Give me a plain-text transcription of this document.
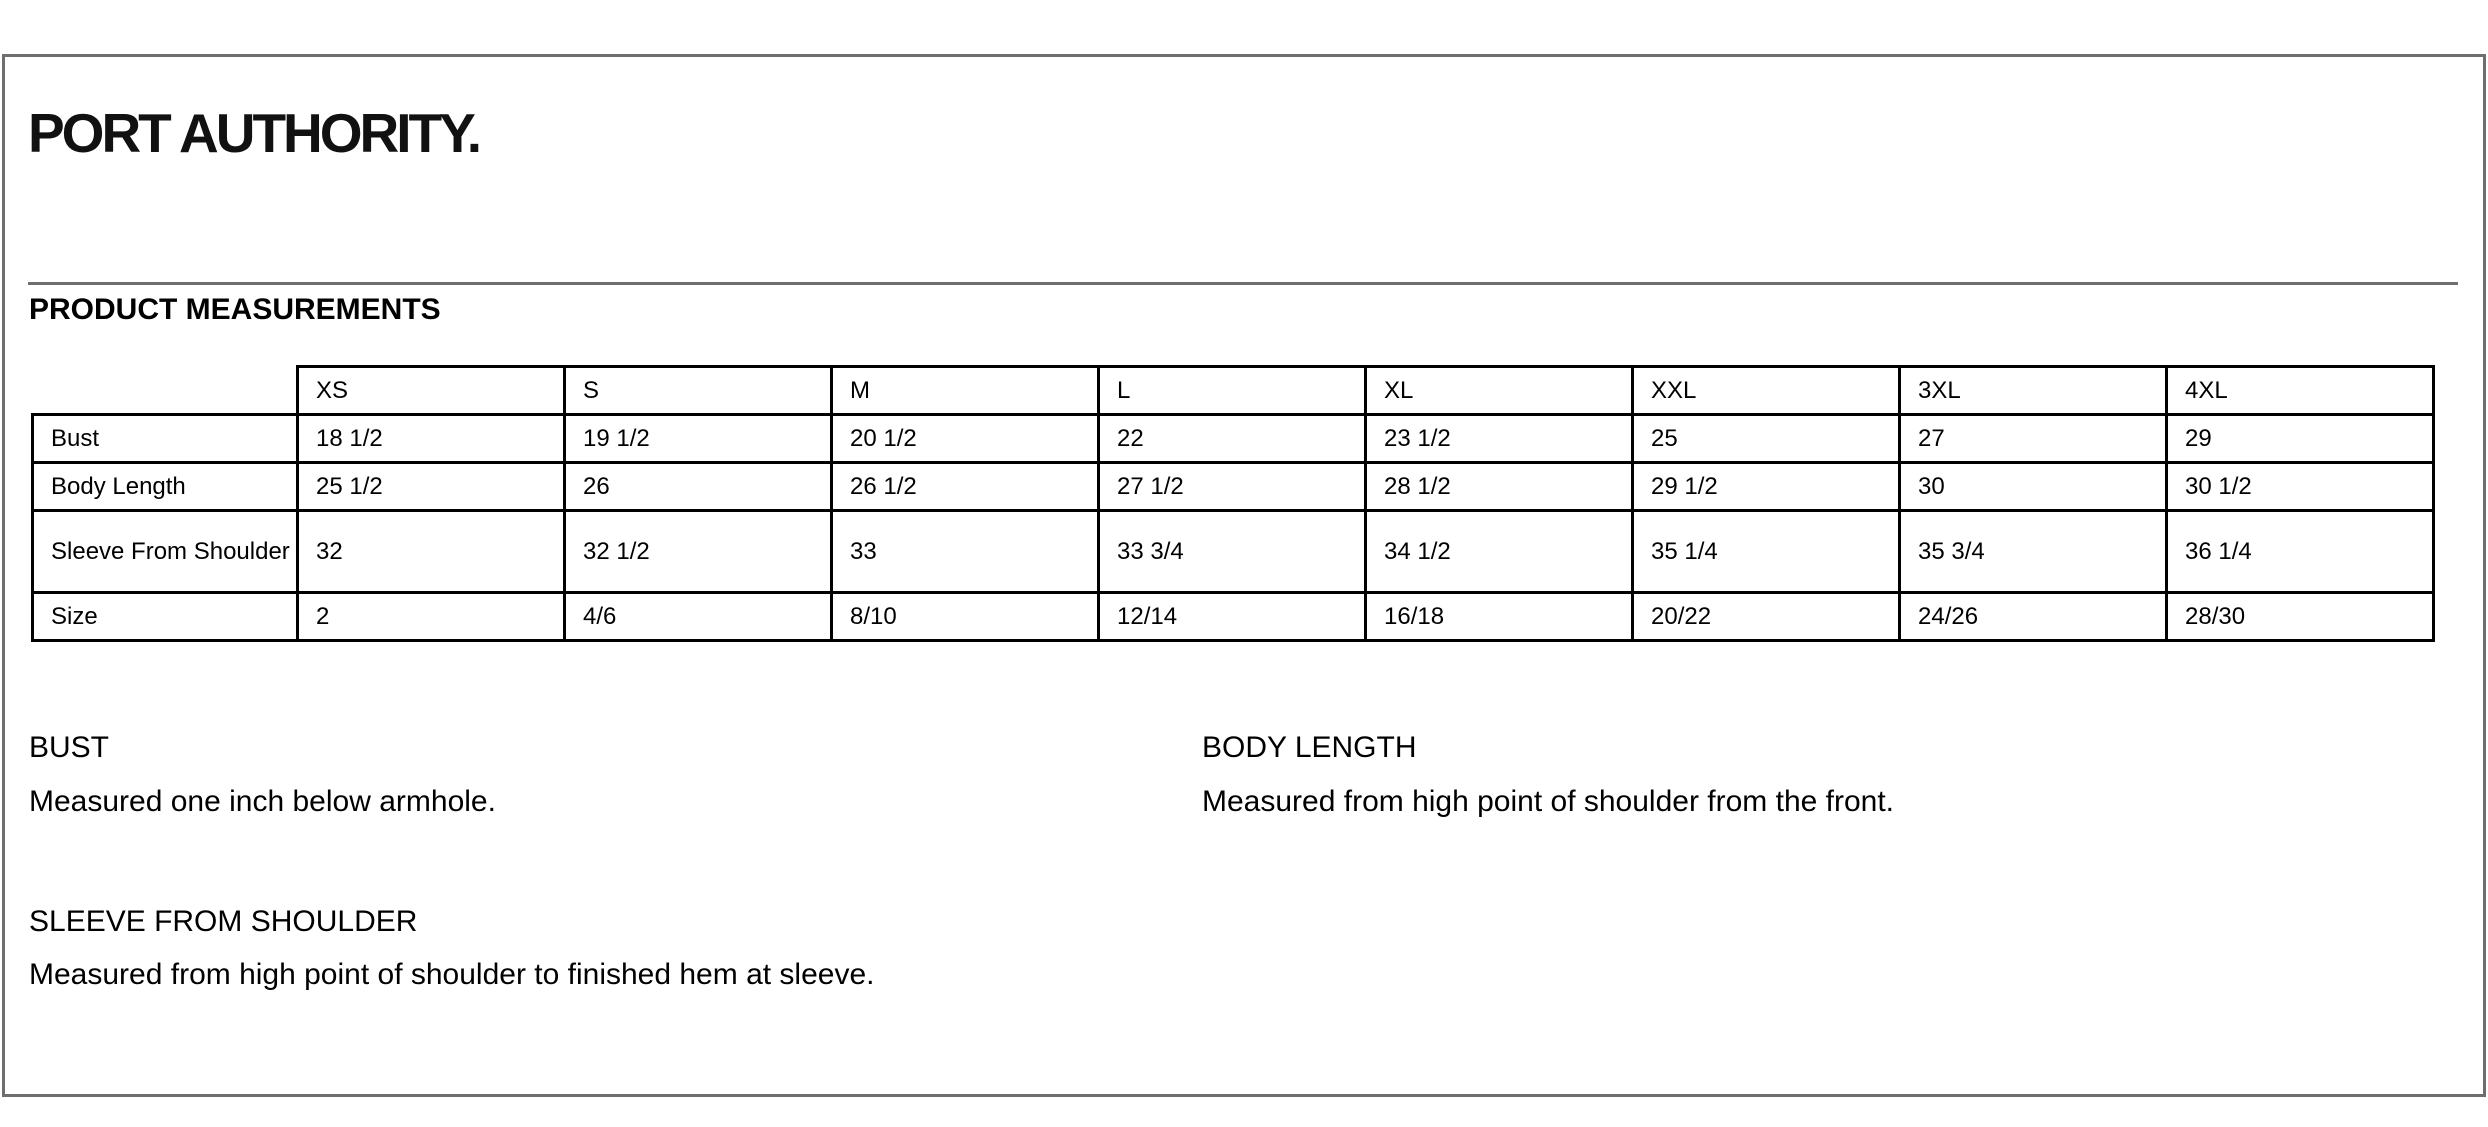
PORT AUTHORITY.
PRODUCT MEASUREMENTS
	XS	S	M	L	XL	XXL	3XL	4XL
Bust	18 1/2	19 1/2	20 1/2	22	23 1/2	25	27	29
Body Length	25 1/2	26	26 1/2	27 1/2	28 1/2	29 1/2	30	30 1/2
Sleeve From Shoulder	32	32 1/2	33	33 3/4	34 1/2	35 1/4	35 3/4	36 1/4
Size	2	4/6	8/10	12/14	16/18	20/22	24/26	28/30
BUST
Measured one inch below armhole.
BODY LENGTH
Measured from high point of shoulder from the front.
SLEEVE FROM SHOULDER
Measured from high point of shoulder to finished hem at sleeve.
